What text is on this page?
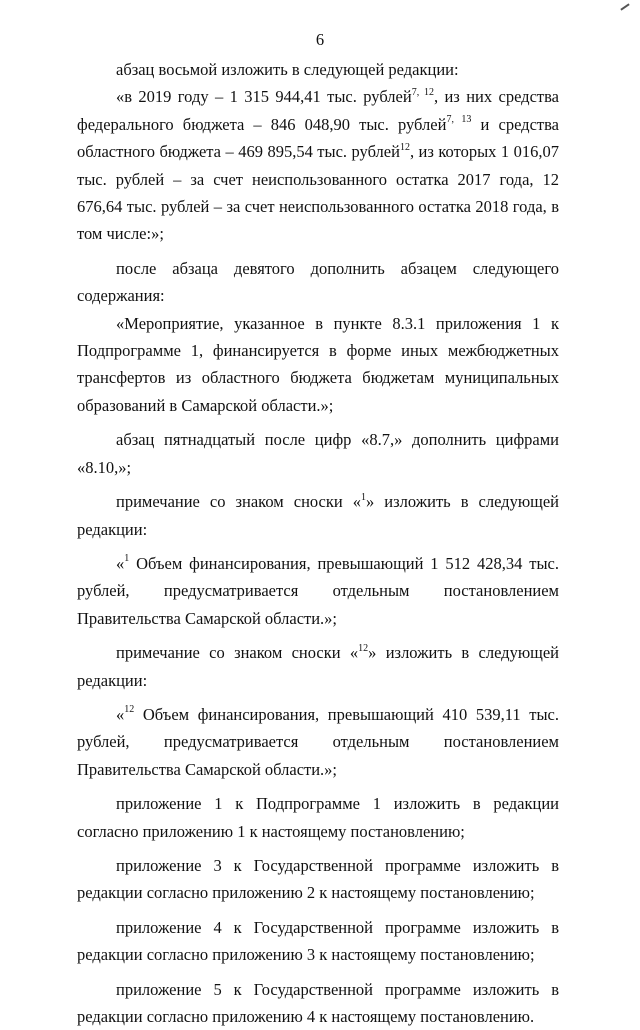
6

абзац восьмой изложить в следующей редакции:

«в 2019 году – 1 315 944,41 тыс. рублей$^{7, 12}$, из них средства федерального бюджета – 846 048,90 тыс. рублей$^{7, 13}$ и средства областного бюджета – 469 895,54 тыс. рублей$^{12}$, из которых 1 016,07 тыс. рублей – за счет неиспользованного остатка 2017 года, 12 676,64 тыс. рублей – за счет неиспользованного остатка 2018 года, в том числе:»;

после абзаца девятого дополнить абзацем следующего содержания:

«Мероприятие, указанное в пункте 8.3.1 приложения 1 к Подпрограмме 1, финансируется в форме иных межбюджетных трансфертов из областного бюджета бюджетам муниципальных образований в Самарской области.»;

абзац пятнадцатый после цифр «8.7,» дополнить цифрами «8.10,»;

примечание со знаком сноски «$^1$» изложить в следующей редакции:

«$^1$ Объем финансирования, превышающий 1 512 428,34 тыс. рублей, предусматривается отдельным постановлением Правительства Самарской области.»;

примечание со знаком сноски «$^{12}$» изложить в следующей редакции:

«$^{12}$ Объем финансирования, превышающий 410 539,11 тыс. рублей, предусматривается отдельным постановлением Правительства Самарской области.»;

приложение 1 к Подпрограмме 1 изложить в редакции согласно приложению 1 к настоящему постановлению;

приложение 3 к Государственной программе изложить в редакции согласно приложению 2 к настоящему постановлению;

приложение 4 к Государственной программе изложить в редакции согласно приложению 3 к настоящему постановлению;

приложение 5 к Государственной программе изложить в редакции согласно приложению 4 к настоящему постановлению.
